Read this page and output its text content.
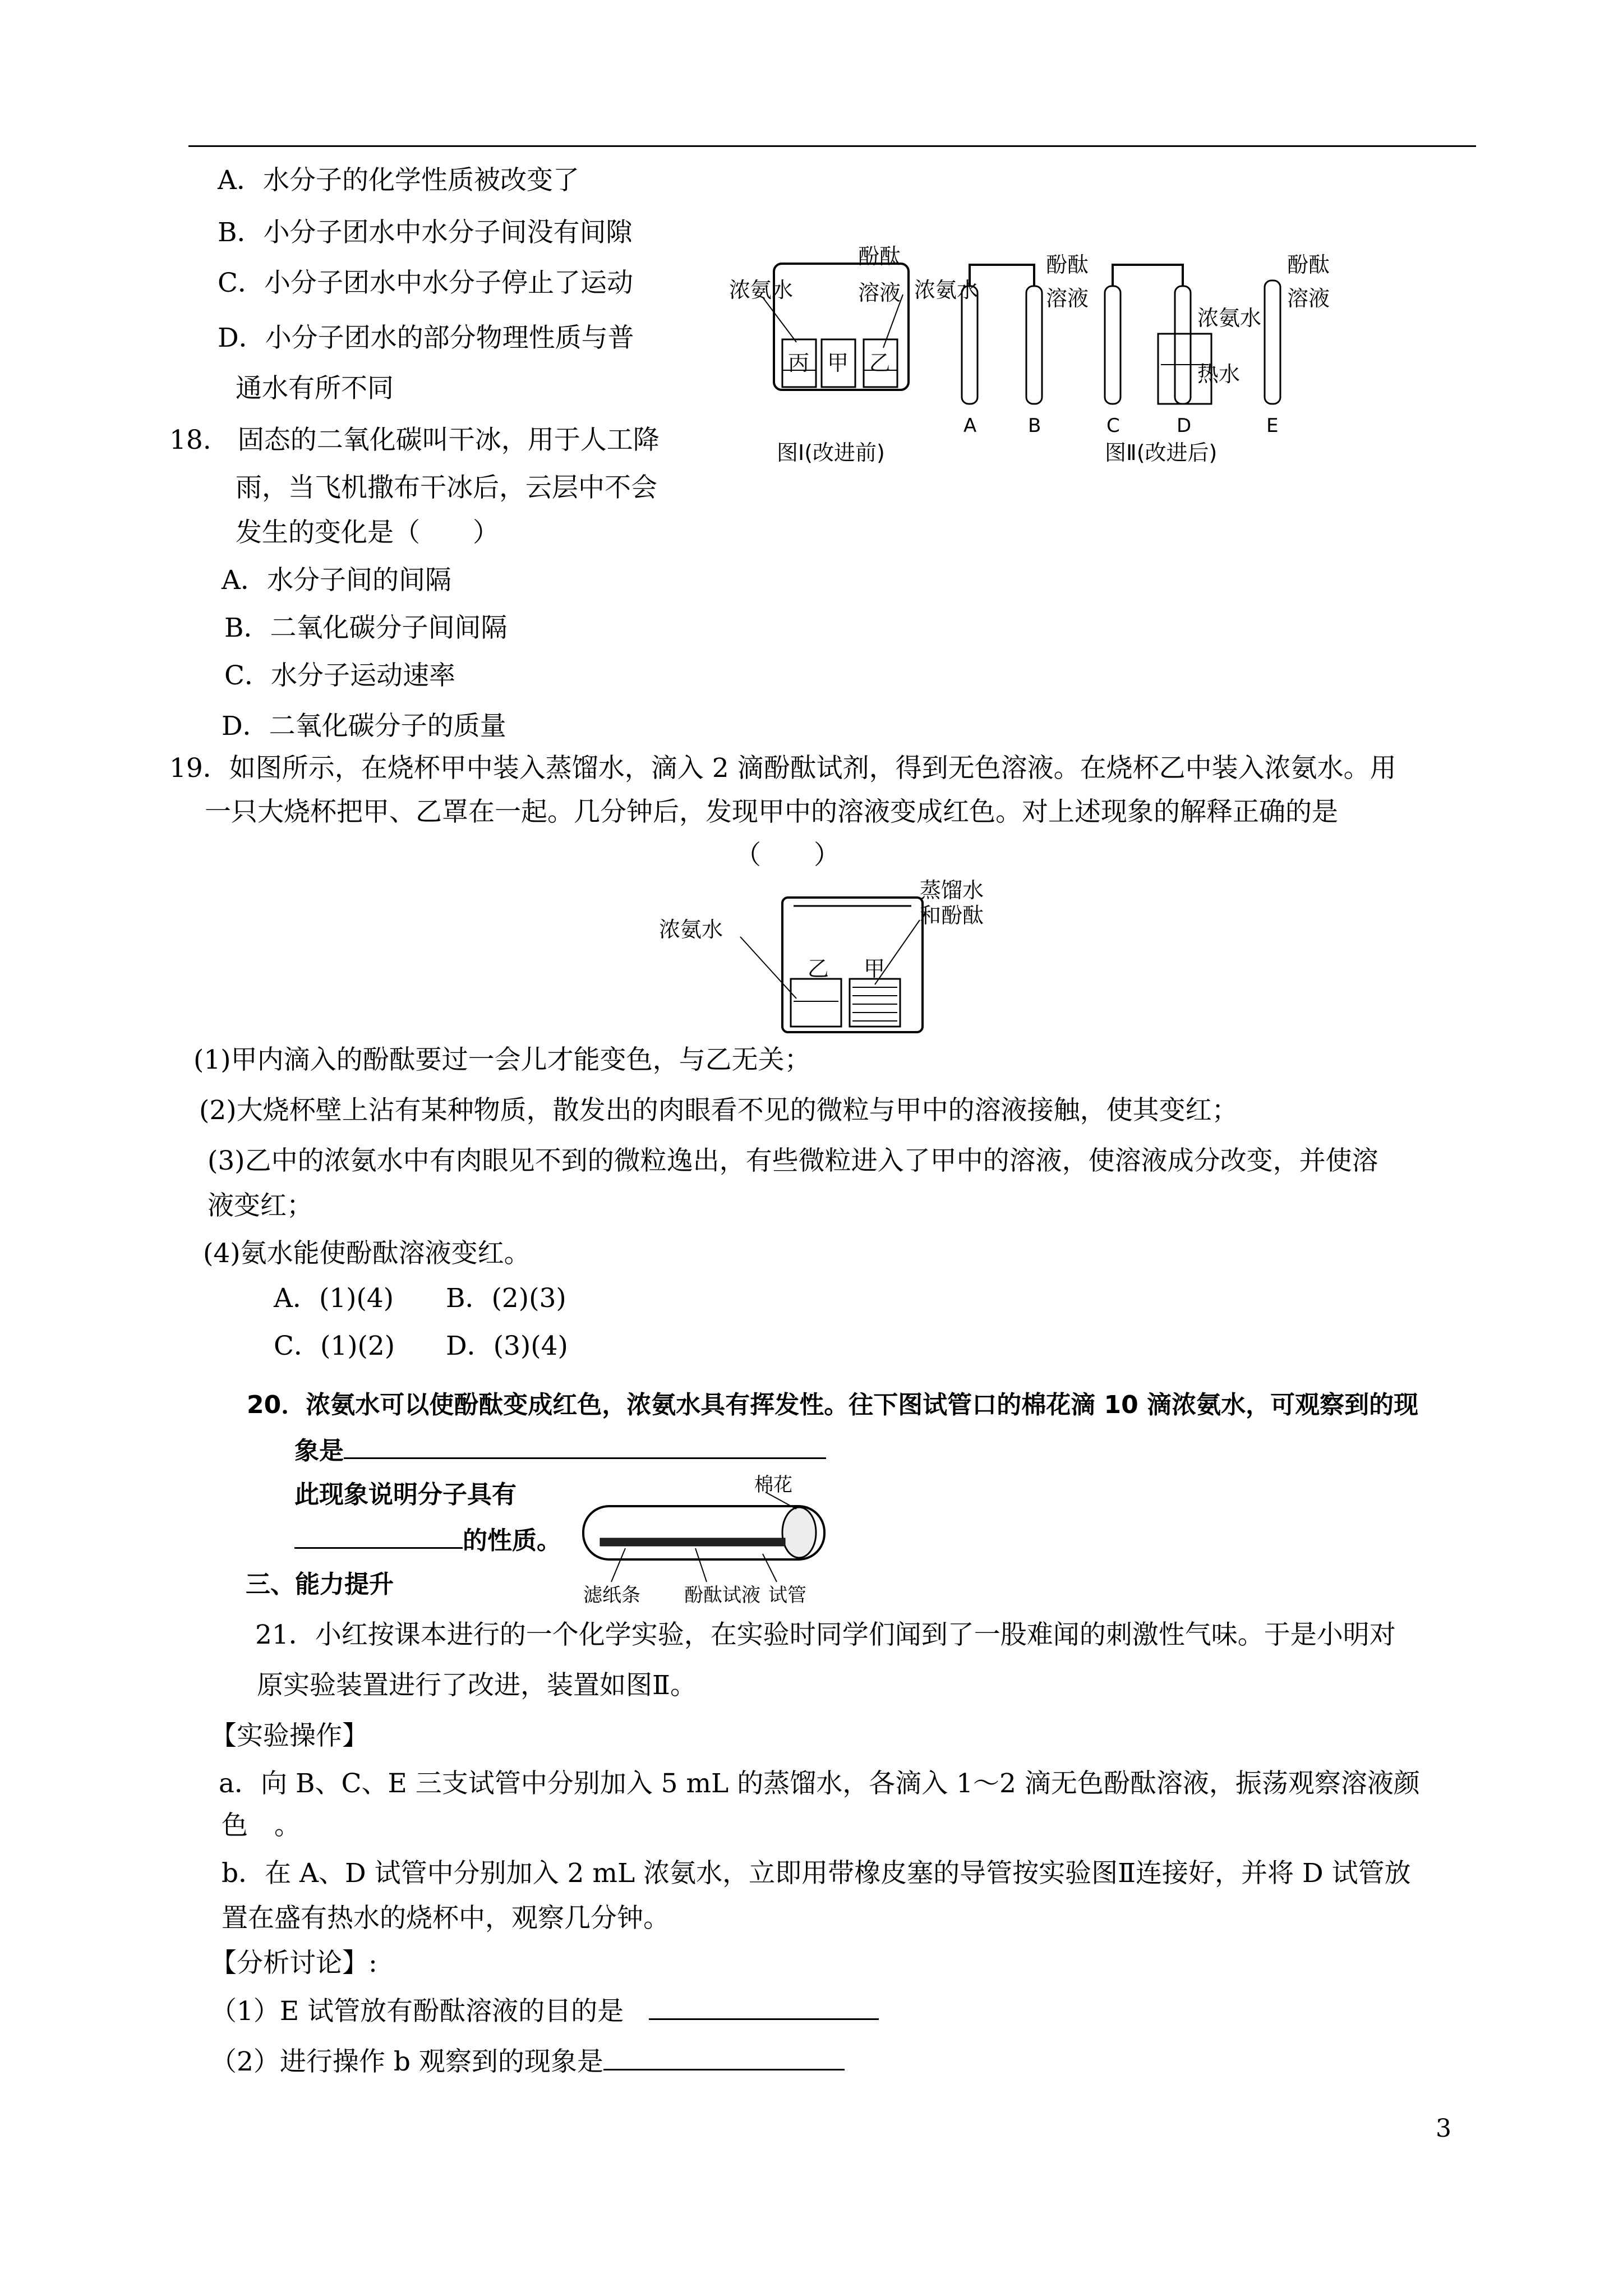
A．水分子的化学性质被改变了
B．小分子团水中水分子间没有间隙
C．小分子团水中水分子停止了运动
D．小分子团水的部分物理性质与普
通水有所不同
18.　固态的二氧化碳叫干冰，用于人工降
雨，当飞机撒布干冰后，云层中不会
发生的变化是（　　）
A．水分子间的间隔
B．二氧化碳分子间间隔
C．水分子运动速率
D．二氧化碳分子的质量
浓氨水
酚酞
溶液
丙 甲 乙
图Ⅰ(改进前)
浓氨水
酚酞
溶液
浓氨水
热水
酚酞
溶液
A	B	C	D	E
图Ⅱ(改进后)
19．如图所示，在烧杯甲中装入蒸馏水，滴入 2 滴酚酞试剂，得到无色溶液。在烧杯乙中装入浓氨水。用
一只大烧杯把甲、乙罩在一起。几分钟后，发现甲中的溶液变成红色。对上述现象的解释正确的是
（　　）
浓氨水
蒸馏水
和酚酞
乙 甲
(1)甲内滴入的酚酞要过一会儿才能变色，与乙无关；
(2)大烧杯壁上沾有某种物质，散发出的肉眼看不见的微粒与甲中的溶液接触，使其变红；
(3)乙中的浓氨水中有肉眼见不到的微粒逸出，有些微粒进入了甲中的溶液，使溶液成分改变，并使溶
液变红；
(4)氨水能使酚酞溶液变红。
A．(1)(4) B．(2)(3)
C．(1)(2) D．(3)(4)
20．浓氨水可以使酚酞变成红色，浓氨水具有挥发性。往下图试管口的棉花滴 10 滴浓氨水，可观察到的现
象是
此现象说明分子具有
的性质。
棉花
滤纸条 酚酞试液 试管
三、能力提升
21．小红按课本进行的一个化学实验，在实验时同学们闻到了一股难闻的刺激性气味。于是小明对
原实验装置进行了改进，装置如图Ⅱ。
【实验操作】
a．向 B、C、E 三支试管中分别加入 5 mL 的蒸馏水，各滴入 1～2 滴无色酚酞溶液，振荡观察溶液颜
色　。
b．在 A、D 试管中分别加入 2 mL 浓氨水，立即用带橡皮塞的导管按实验图Ⅱ连接好，并将 D 试管放
置在盛有热水的烧杯中，观察几分钟。
【分析讨论】:
（1）E 试管放有酚酞溶液的目的是
（2）进行操作 b 观察到的现象是
3
